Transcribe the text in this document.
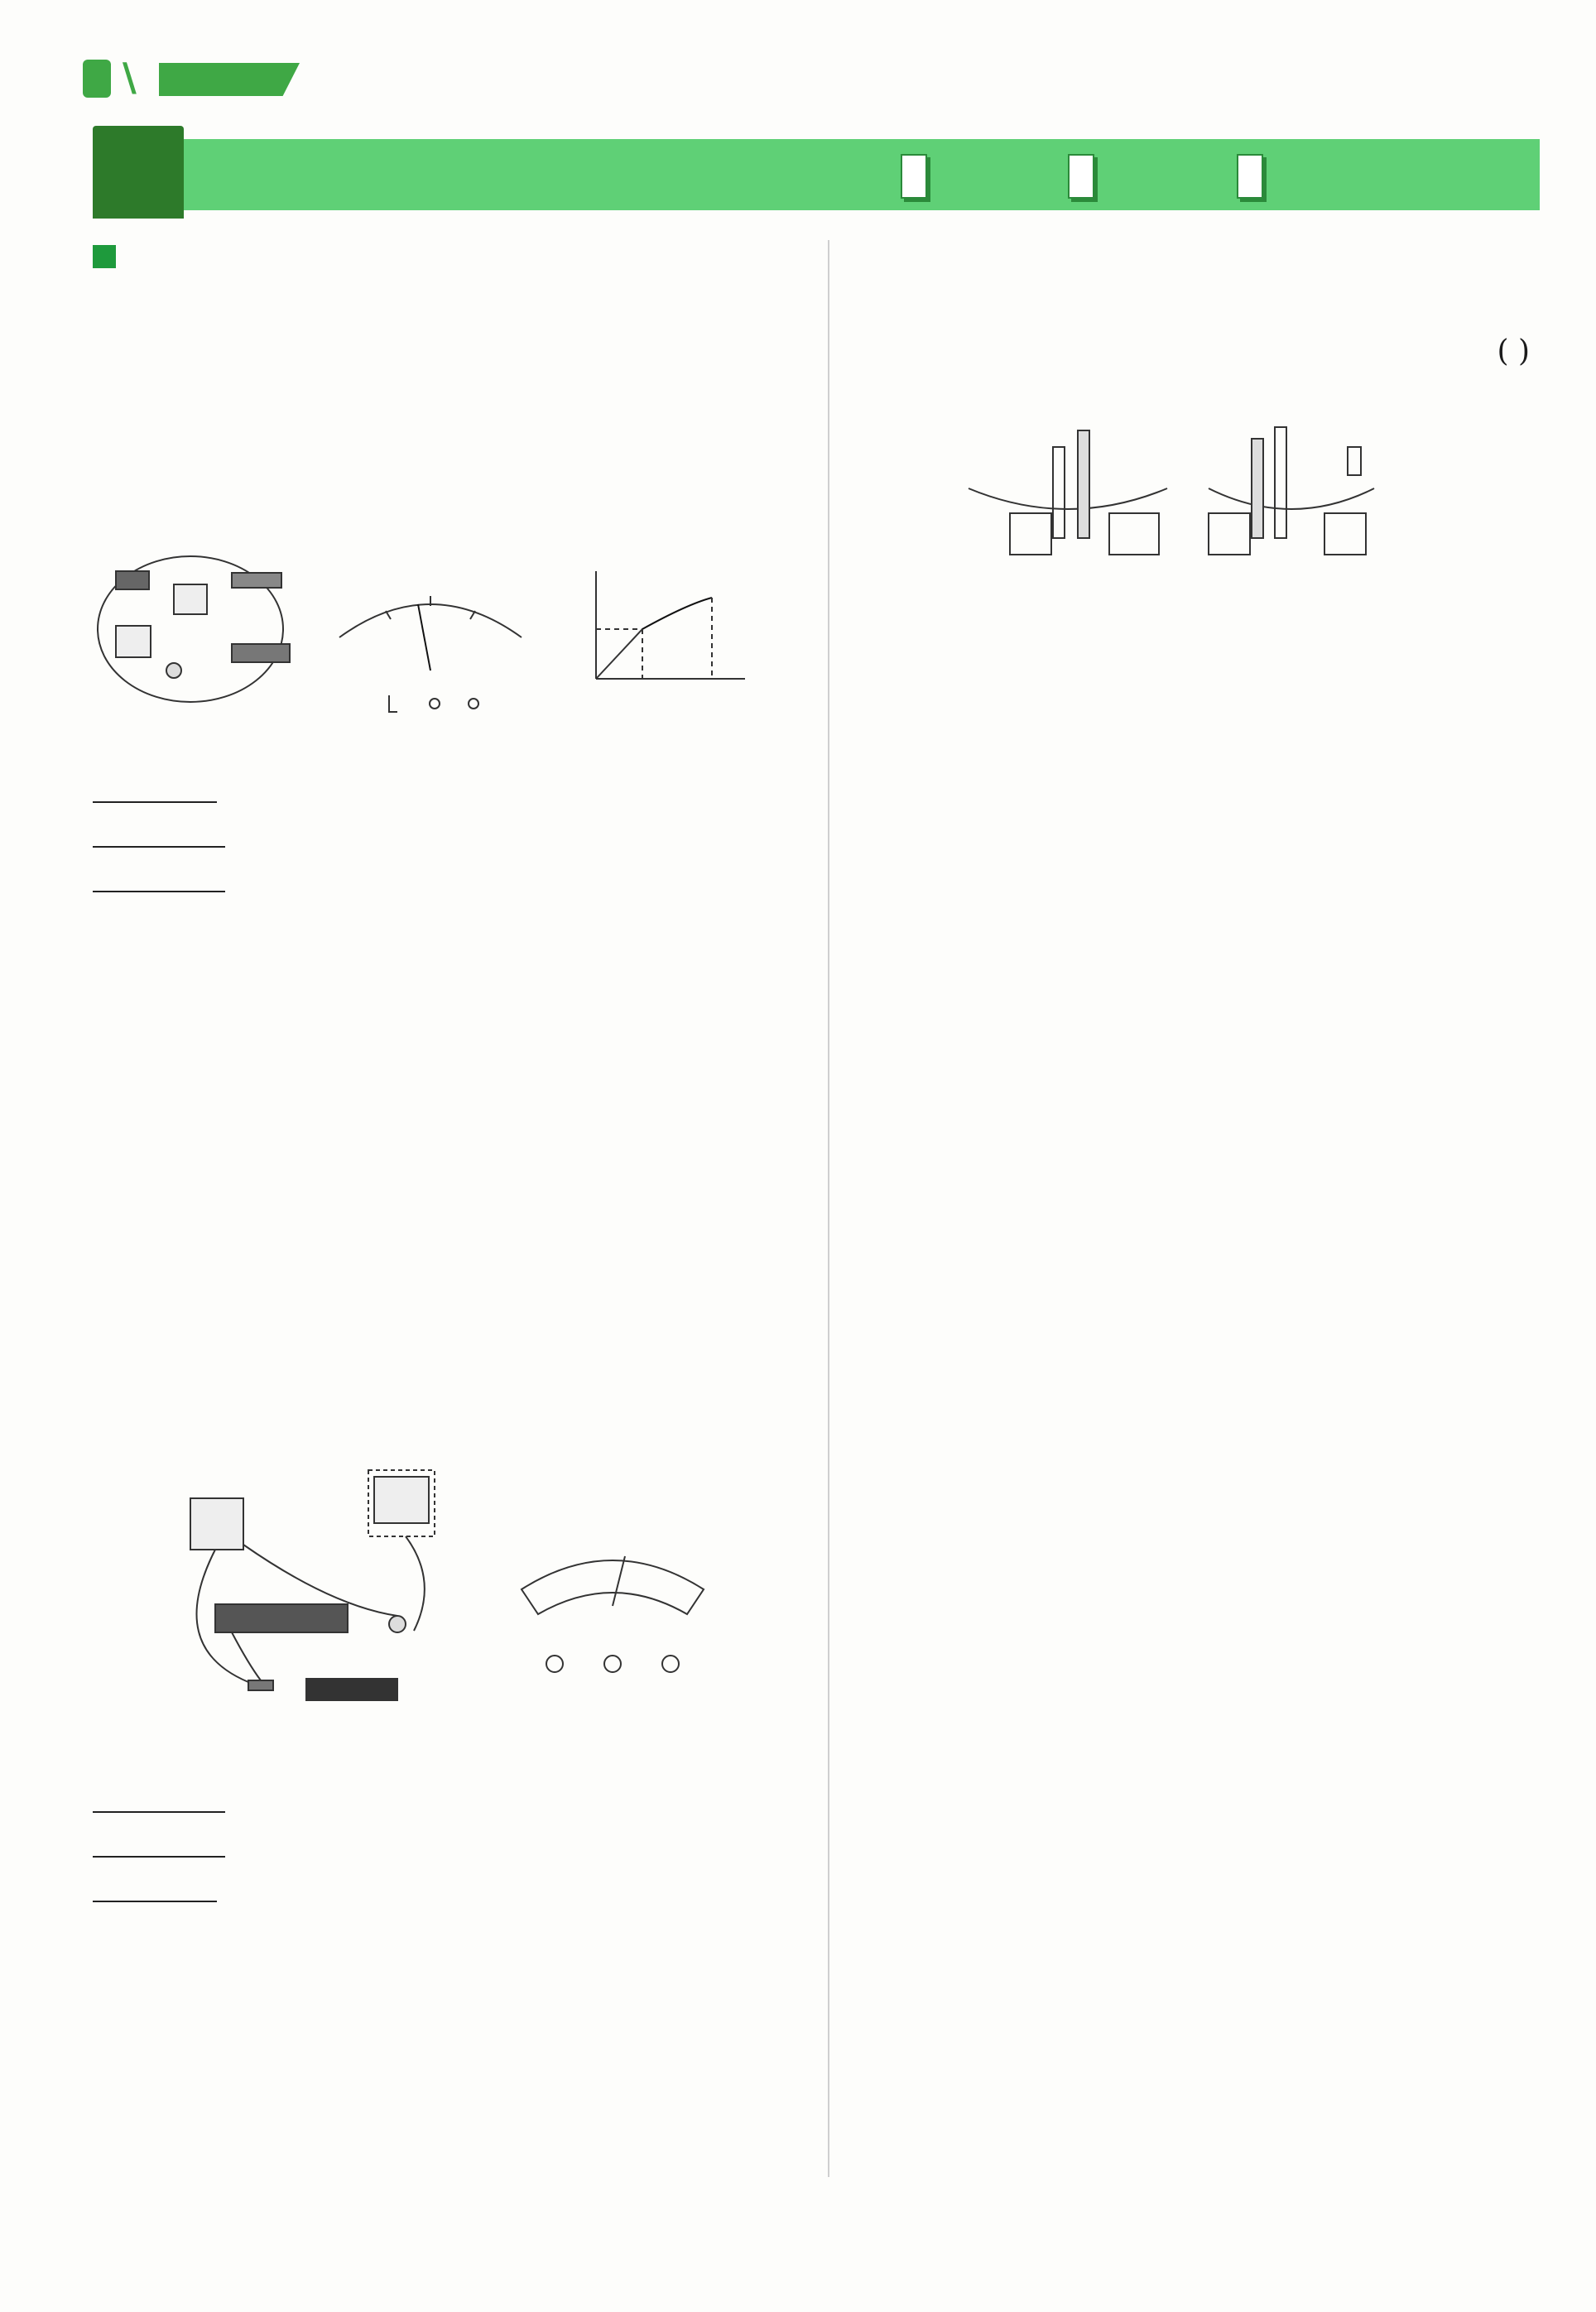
\
( )
